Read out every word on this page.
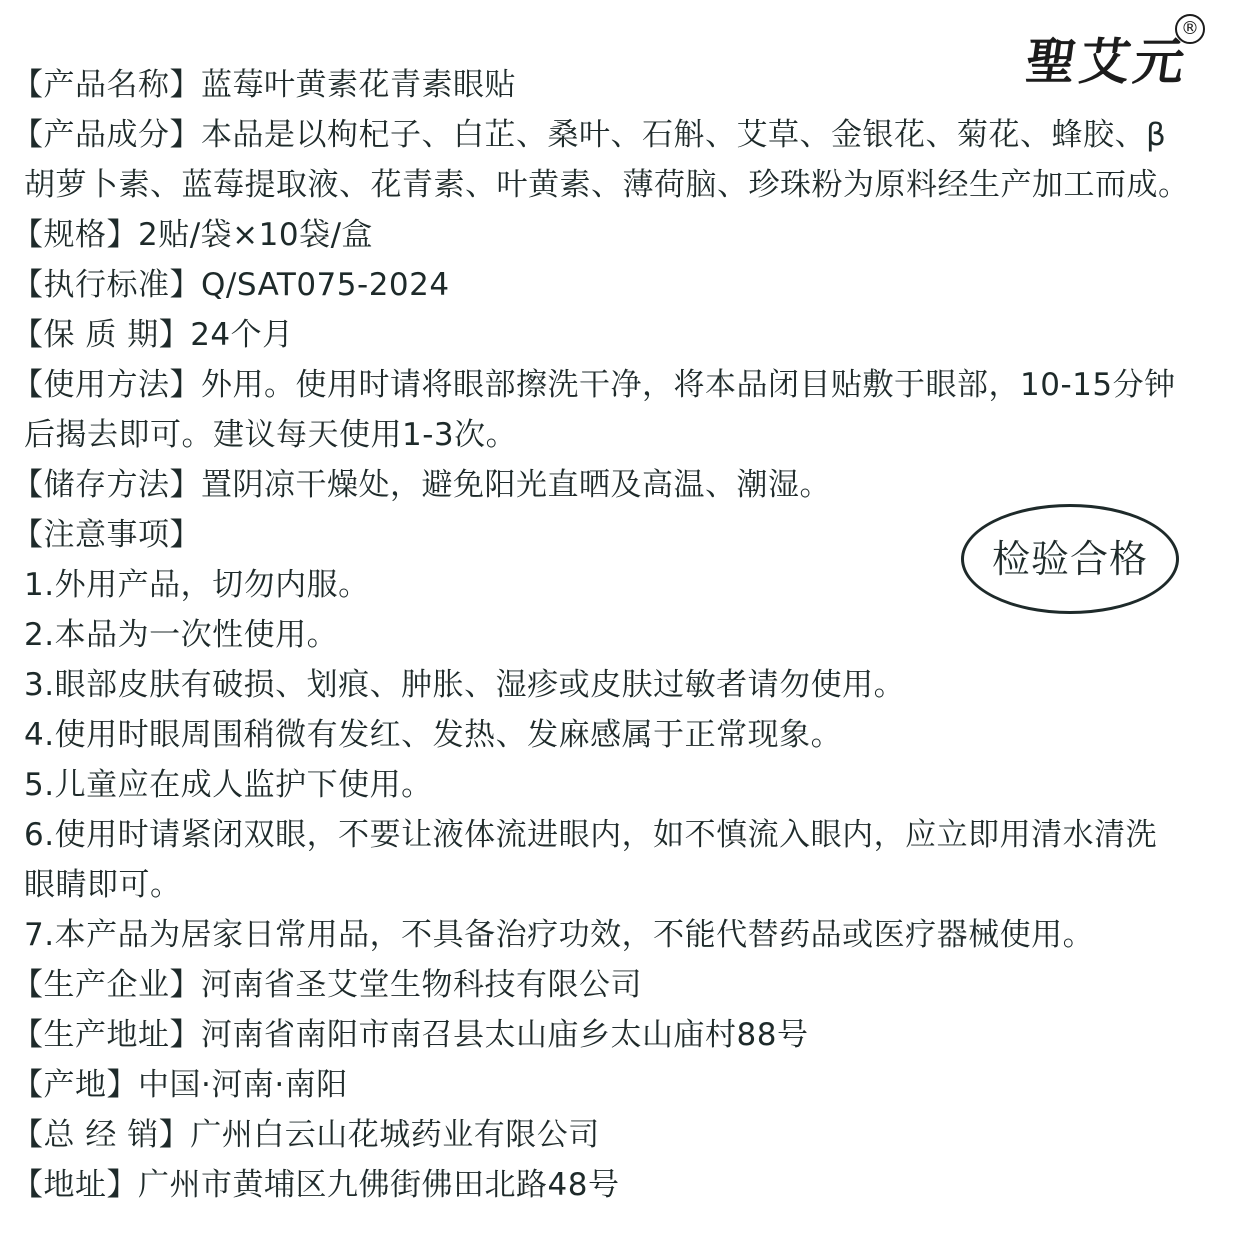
聖艾元
®
检验合格
【产品名称】蓝莓叶黄素花青素眼贴
【产品成分】本品是以枸杞子、白芷、桑叶、石斛、艾草、金银花、菊花、蜂胶、β
胡萝卜素、蓝莓提取液、花青素、叶黄素、薄荷脑、珍珠粉为原料经生产加工而成。
【规格】2贴/袋×10袋/盒
【执行标准】Q/SAT075-2024
【保 质 期】24个月
【使用方法】外用。使用时请将眼部擦洗干净，将本品闭目贴敷于眼部，10-15分钟
后揭去即可。建议每天使用1-3次。
【储存方法】置阴凉干燥处，避免阳光直晒及高温、潮湿。
【注意事项】
1.外用产品，切勿内服。
2.本品为一次性使用。
3.眼部皮肤有破损、划痕、肿胀、湿疹或皮肤过敏者请勿使用。
4.使用时眼周围稍微有发红、发热、发麻感属于正常现象。
5.儿童应在成人监护下使用。
6.使用时请紧闭双眼，不要让液体流进眼内，如不慎流入眼内，应立即用清水清洗
眼睛即可。
7.本产品为居家日常用品，不具备治疗功效，不能代替药品或医疗器械使用。
【生产企业】河南省圣艾堂生物科技有限公司
【生产地址】河南省南阳市南召县太山庙乡太山庙村88号
【产地】中国·河南·南阳
【总 经 销】广州白云山花城药业有限公司
【地址】广州市黄埔区九佛街佛田北路48号
